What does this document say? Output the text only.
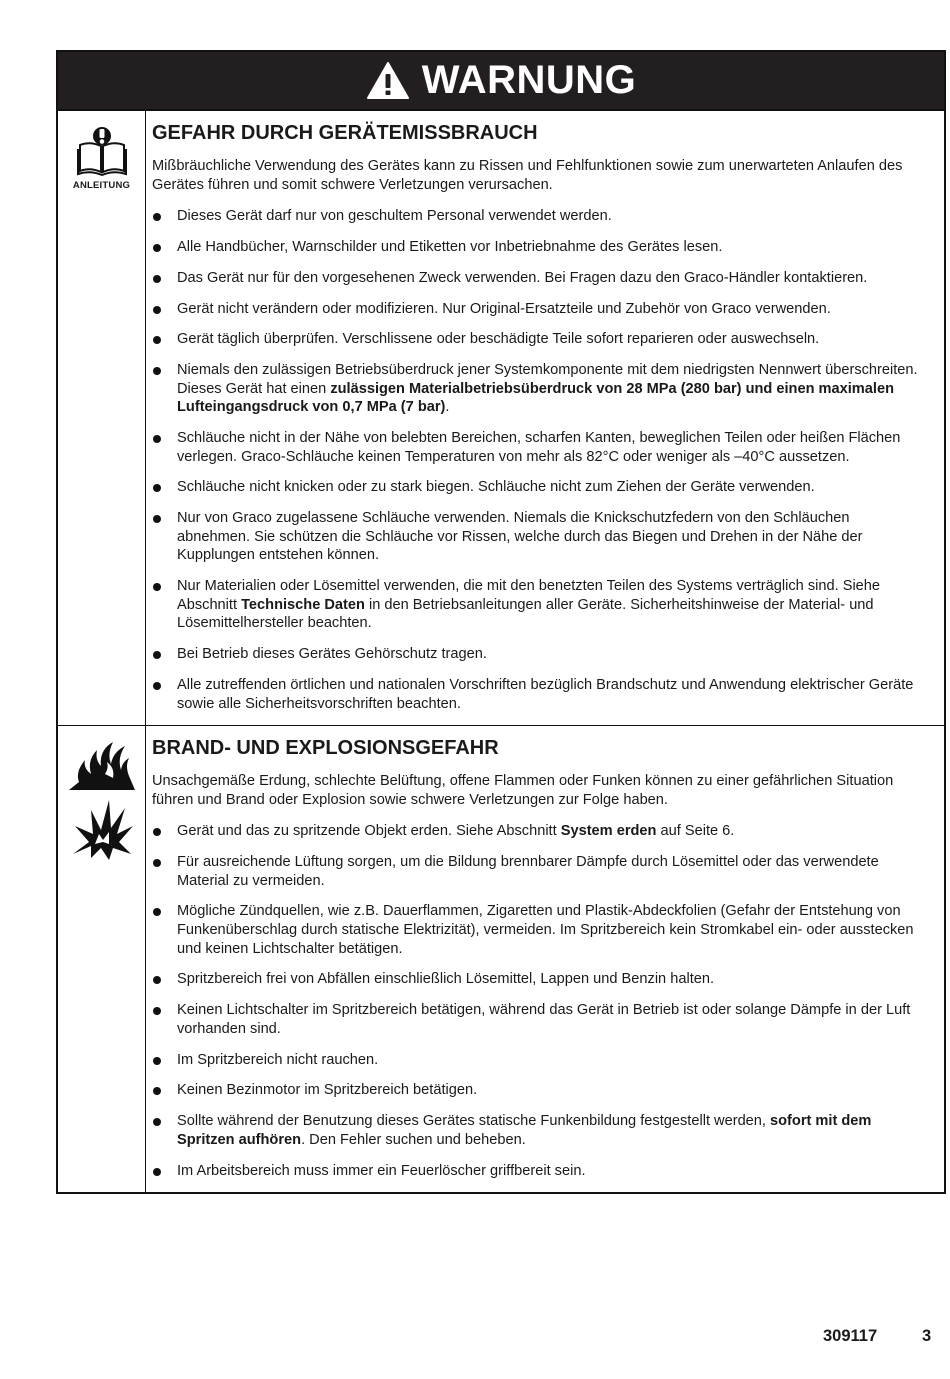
WARNUNG
ANLEITUNG
GEFAHR DURCH GERÄTEMISSBRAUCH

Mißbräuchliche Verwendung des Gerätes kann zu Rissen und Fehlfunktionen sowie zum unerwarteten Anlaufen des Gerätes führen und somit schwere Verletzungen verursachen.

Dieses Gerät darf nur von geschultem Personal verwendet werden.
Alle Handbücher, Warnschilder und Etiketten vor Inbetriebnahme des Gerätes lesen.
Das Gerät nur für den vorgesehenen Zweck verwenden. Bei Fragen dazu den Graco-Händler kontaktieren.
Gerät nicht verändern oder modifizieren. Nur Original-Ersatzteile und Zubehör von Graco verwenden.
Gerät täglich überprüfen. Verschlissene oder beschädigte Teile sofort reparieren oder auswechseln.
Niemals den zulässigen Betriebsüberdruck jener Systemkomponente mit dem niedrigsten Nennwert überschreiten. Dieses Gerät hat einen zulässigen Materialbetriebsüberdruck von 28 MPa (280 bar) und einen maximalen Lufteingangsdruck von 0,7 MPa (7 bar).
Schläuche nicht in der Nähe von belebten Bereichen, scharfen Kanten, beweglichen Teilen oder heißen Flächen verlegen. Graco-Schläuche keinen Temperaturen von mehr als 82°C oder weniger als –40°C aussetzen.
Schläuche nicht knicken oder zu stark biegen. Schläuche nicht zum Ziehen der Geräte verwenden.
Nur von Graco zugelassene Schläuche verwenden. Niemals die Knickschutzfedern von den Schläuchen abnehmen. Sie schützen die Schläuche vor Rissen, welche durch das Biegen und Drehen in der Nähe der Kupplungen entstehen können.
Nur Materialien oder Lösemittel verwenden, die mit den benetzten Teilen des Systems verträglich sind. Siehe Abschnitt Technische Daten in den Betriebsanleitungen aller Geräte. Sicherheitshinweise der Material- und Lösemittelhersteller beachten.
Bei Betrieb dieses Gerätes Gehörschutz tragen.
Alle zutreffenden örtlichen und nationalen Vorschriften bezüglich Brandschutz und Anwendung elektrischer Geräte sowie alle Sicherheitsvorschriften beachten.
BRAND- UND EXPLOSIONSGEFAHR

Unsachgemäße Erdung, schlechte Belüftung, offene Flammen oder Funken können zu einer gefährlichen Situation führen und Brand oder Explosion sowie schwere Verletzungen zur Folge haben.

Gerät und das zu spritzende Objekt erden. Siehe Abschnitt System erden auf Seite 6.
Für ausreichende Lüftung sorgen, um die Bildung brennbarer Dämpfe durch Lösemittel oder das verwendete Material zu vermeiden.
Mögliche Zündquellen, wie z.B. Dauerflammen, Zigaretten und Plastik-Abdeckfolien (Gefahr der Entstehung von Funkenüberschlag durch statische Elektrizität), vermeiden. Im Spritzbereich kein Stromkabel ein- oder ausstecken und keinen Lichtschalter betätigen.
Spritzbereich frei von Abfällen einschließlich Lösemittel, Lappen und Benzin halten.
Keinen Lichtschalter im Spritzbereich betätigen, während das Gerät in Betrieb ist oder solange Dämpfe in der Luft vorhanden sind.
Im Spritzbereich nicht rauchen.
Keinen Bezinmotor im Spritzbereich betätigen.
Sollte während der Benutzung dieses Gerätes statische Funkenbildung festgestellt werden, sofort mit dem Spritzen aufhören. Den Fehler suchen und beheben.
Im Arbeitsbereich muss immer ein Feuerlöscher griffbereit sein.
309117	3
